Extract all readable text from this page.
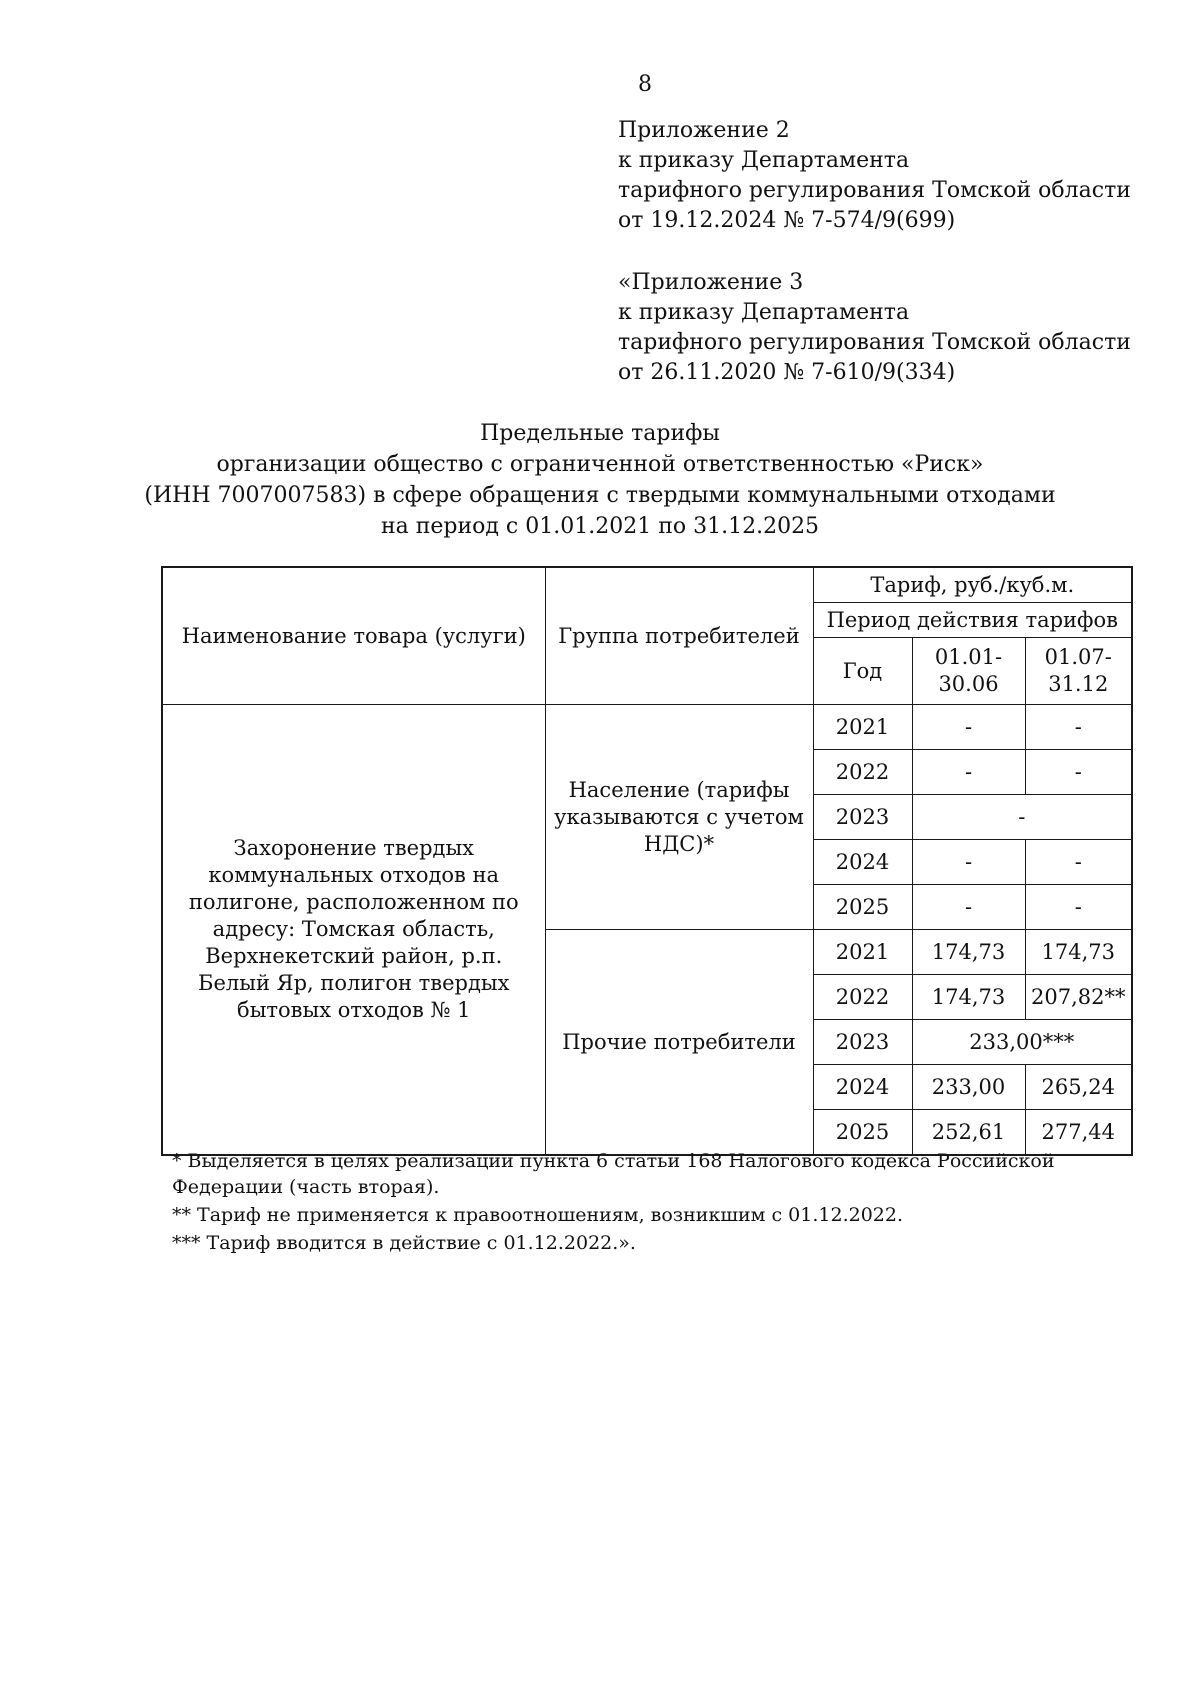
8
Приложение 2
к приказу Департамента
тарифного регулирования Томской области
от 19.12.2024 № 7-574/9(699)
«Приложение 3
к приказу Департамента
тарифного регулирования Томской области
от 26.11.2020 № 7-610/9(334)
Предельные тарифы
организации общество с ограниченной ответственностью «Риск»
(ИНН 7007007583) в сфере обращения с твердыми коммунальными отходами
на период с 01.01.2021 по 31.12.2025
Наименование товара (услуги)	Группа потребителей	Тариф, руб./куб.м.		
		Период действия тарифов		
		Год	01.01-30.06	01.07-31.12
Захоронение твердых коммунальных отходов на полигоне, расположенном по адресу: Томская область, Верхнекетский район, р.п. Белый Яр, полигон твердых бытовых отходов № 1	Население (тарифы указываются с учетом НДС)*	2021	-	-
		2022	-	-
		2023	-	
		2024	-	-
		2025	-	-
	Прочие потребители	2021	174,73	174,73
		2022	174,73	207,82**
		2023	233,00***	
		2024	233,00	265,24
		2025	252,61	277,44
* Выделяется в целях реализации пункта 6 статьи 168 Налогового кодекса Российской Федерации (часть вторая).
** Тариф не применяется к правоотношениям, возникшим с 01.12.2022.
*** Тариф вводится в действие с 01.12.2022.».
